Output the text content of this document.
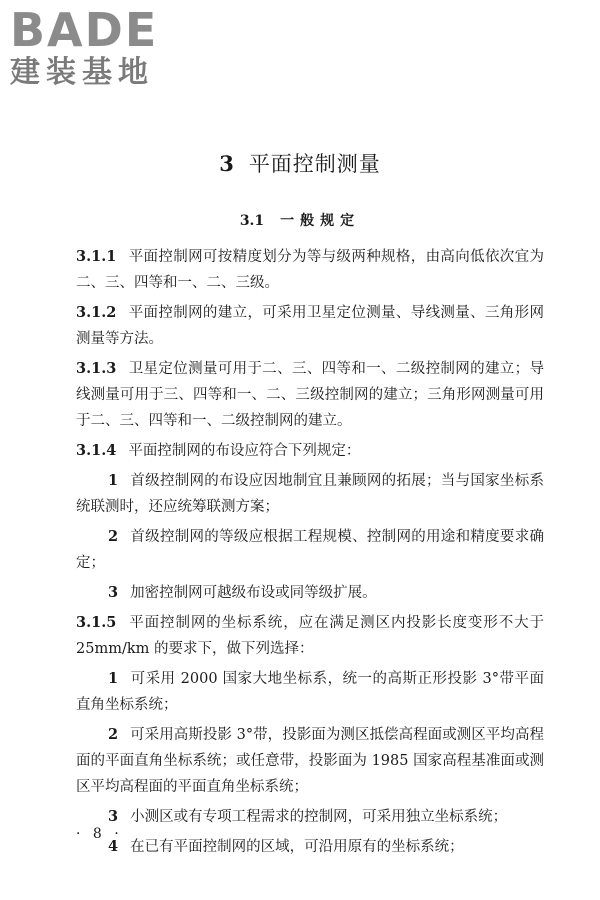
BADE
建装基地
3 平面控制测量
3.1 一般规定

3.1.1 平面控制网可按精度划分为等与级两种规格，由高向低依次宜为二、三、四等和一、二、三级。

3.1.2 平面控制网的建立，可采用卫星定位测量、导线测量、三角形网测量等方法。

3.1.3 卫星定位测量可用于二、三、四等和一、二级控制网的建立；导线测量可用于三、四等和一、二、三级控制网的建立；三角形网测量可用于二、三、四等和一、二级控制网的建立。

3.1.4 平面控制网的布设应符合下列规定：

1 首级控制网的布设应因地制宜且兼顾网的拓展；当与国家坐标系统联测时，还应统筹联测方案；

2 首级控制网的等级应根据工程规模、控制网的用途和精度要求确定；

3 加密控制网可越级布设或同等级扩展。

3.1.5 平面控制网的坐标系统，应在满足测区内投影长度变形不大于 25mm/km 的要求下，做下列选择：

1 可采用 2000 国家大地坐标系，统一的高斯正形投影 3°带平面直角坐标系统；

2 可采用高斯投影 3°带，投影面为测区抵偿高程面或测区平均高程面的平面直角坐标系统；或任意带，投影面为 1985 国家高程基准面或测区平均高程面的平面直角坐标系统；

3 小测区或有专项工程需求的控制网，可采用独立坐标系统；

4 在已有平面控制网的区域，可沿用原有的坐标系统；

· 8 ·
